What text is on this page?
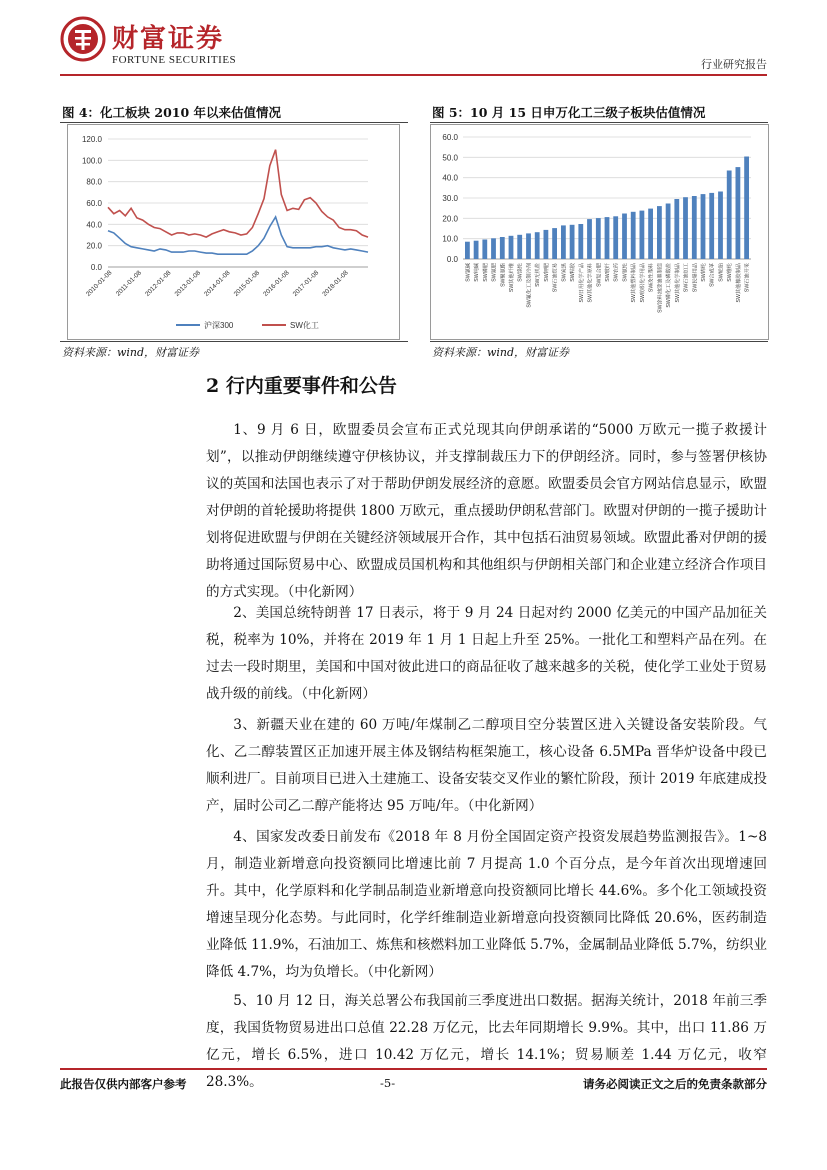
财富证券
FORTUNE SECURITIES	行业研究报告
图 4：化工板块 2010 年以来估值情况
0.0
20.0
40.0
60.0
80.0
100.0
120.0
2010-01-08 2011-01-08 2012-01-08 2013-01-08 2014-01-08 2015-01-08 2016-01-08 2017-01-08 2018-01-08
沪深300	SW化工
资料来源：wind，财富证券
图 5：10 月 15 日申万化工三级子板块估值情况
0.0
10.0
20.0
30.0
40.0
50.0
60.0
SW氯碱 SW纯碱 SW磷肥 SW氮肥 SW聚氨酯 SW其他纤维 SW涤纶 SW氟化工及制冷剂 SW无机盐 SW钾肥 SW石油贸易 SW炭黑 SW粘胶 SW日用化学产品 SW其他化学原料 SW复合肥 SW玻纤 SW农药 SW氨纶 SW其他塑料制品 SW纺织化学用品 SW改性塑料 SW涂料油漆油墨制造 SW磷化工及磷酸盐 SW其他化学制品 SW石油加工 SW民爆用品 SW锦纶 SW合成革 SW轮胎 SW维纶 SW其他橡胶制品 SW石油开采
资料来源：wind，财富证券
2 行内重要事件和公告
1、9 月 6 日，欧盟委员会宣布正式兑现其向伊朗承诺的“5000 万欧元一揽子救援计划”，以推动伊朗继续遵守伊核协议，并支撑制裁压力下的伊朗经济。同时，参与签署伊核协议的英国和法国也表示了对于帮助伊朗发展经济的意愿。欧盟委员会官方网站信息显示，欧盟对伊朗的首轮援助将提供 1800 万欧元，重点援助伊朗私营部门。欧盟对伊朗的一揽子援助计划将促进欧盟与伊朗在关键经济领域展开合作，其中包括石油贸易领域。欧盟此番对伊朗的援助将通过国际贸易中心、欧盟成员国机构和其他组织与伊朗相关部门和企业建立经济合作项目的方式实现。（中化新网）
2、美国总统特朗普 17 日表示，将于 9 月 24 日起对约 2000 亿美元的中国产品加征关税，税率为 10%，并将在 2019 年 1 月 1 日起上升至 25%。一批化工和塑料产品在列。在过去一段时期里，美国和中国对彼此进口的商品征收了越来越多的关税，使化学工业处于贸易战升级的前线。（中化新网）
3、新疆天业在建的 60 万吨/年煤制乙二醇项目空分装置区进入关键设备安装阶段。气化、乙二醇装置区正加速开展主体及钢结构框架施工，核心设备 6.5MPa 晋华炉设备中段已顺利进厂。目前项目已进入土建施工、设备安装交叉作业的繁忙阶段，预计 2019 年底建成投产，届时公司乙二醇产能将达 95 万吨/年。（中化新网）
4、国家发改委日前发布《2018 年 8 月份全国固定资产投资发展趋势监测报告》。1~8 月，制造业新增意向投资额同比增速比前 7 月提高 1.0 个百分点，是今年首次出现增速回升。其中，化学原料和化学制品制造业新增意向投资额同比增长 44.6%。多个化工领域投资增速呈现分化态势。与此同时，化学纤维制造业新增意向投资额同比降低 20.6%，医药制造业降低 11.9%，石油加工、炼焦和核燃料加工业降低 5.7%，金属制品业降低 5.7%，纺织业降低 4.7%，均为负增长。（中化新网）
5、10 月 12 日，海关总署公布我国前三季度进出口数据。据海关统计，2018 年前三季度，我国货物贸易进出口总值 22.28 万亿元，比去年同期增长 9.9%。其中，出口 11.86 万亿元，增长 6.5%，进口 10.42 万亿元，增长 14.1%；贸易顺差 1.44 万亿元，收窄 28.3%。
此报告仅供内部客户参考	-5-	请务必阅读正文之后的免责条款部分
